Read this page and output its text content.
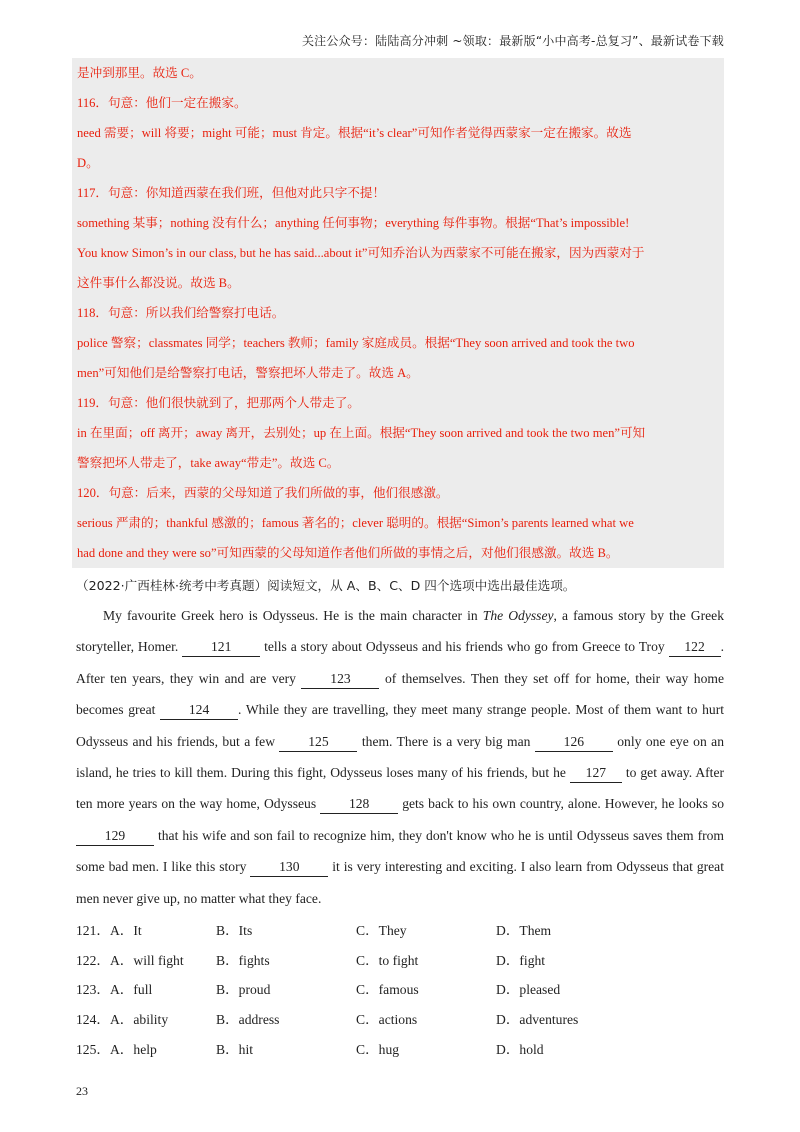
关注公众号：陆陆高分冲刺 ~领取：最新版“小中高考-总复习”、最新试卷下载

是冲到那里。故选 C。

116．句意：他们一定在搬家。

need 需要；will 将要；might 可能；must 肯定。根据“it’s clear”可知作者觉得西蒙家一定在搬家。故选

D。

117．句意：你知道西蒙在我们班，但他对此只字不提！

something 某事；nothing 没有什么；anything 任何事物；everything 每件事物。根据“That’s impossible!

You know Simon’s in our class, but he has said...about it”可知乔治认为西蒙家不可能在搬家，因为西蒙对于

这件事什么都没说。故选 B。

118．句意：所以我们给警察打电话。

police 警察；classmates 同学；teachers 教师；family 家庭成员。根据“They soon arrived and took the two

men”可知他们是给警察打电话，警察把坏人带走了。故选 A。

119．句意：他们很快就到了，把那两个人带走了。

in 在里面；off 离开；away 离开，去别处；up 在上面。根据“They soon arrived and took the two men”可知

警察把坏人带走了，take away“带走”。故选 C。

120．句意：后来，西蒙的父母知道了我们所做的事，他们很感激。

serious 严肃的；thankful 感激的；famous 著名的；clever 聪明的。根据“Simon’s parents learned what we

had done and they were so”可知西蒙的父母知道作者他们所做的事情之后，对他们很感激。故选 B。

（2022·广西桂林·统考中考真题）阅读短文，从 A、B、C、D 四个选项中选出最佳选项。
My favourite Greek hero is Odysseus. He is the main character in The Odyssey, a famous story by the Greek storyteller, Homer. 121 tells a story about Odysseus and his friends who go from Greece to Troy 122 . After ten years, they win and are very 123 of themselves. Then they set off for home, their way home becomes great 124 . While they are travelling, they meet many strange people. Most of them want to hurt Odysseus and his friends, but a few 125 them. There is a very big man 126 only one eye on an island, he tries to kill them. During this fight, Odysseus loses many of his friends, but he 127 to get away. After ten more years on the way home, Odysseus 128 gets back to his own country, alone. However, he looks so 129 that his wife and son fail to recognize him, they don't know who he is until Odysseus saves them from some bad men. I like this story 130 it is very interesting and exciting. I also learn from Odysseus that great men never give up, no matter what they face.
121．A．It	B．Its	C．They	D．Them
122．A．will fight	B．fights	C．to fight	D．fight
123．A．full	B．proud	C．famous	D．pleased
124．A．ability	B．address	C．actions	D．adventures
125．A．help	B．hit	C．hug	D．hold
23
